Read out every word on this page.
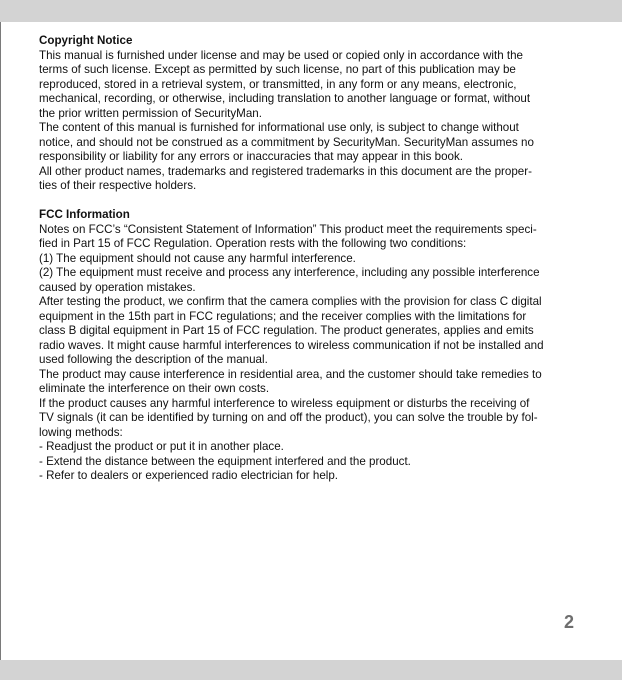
Copyright Notice

This manual is furnished under license and may be used or copied only in accordance with the

terms of such license. Except as permitted by such license, no part of this publication may be

reproduced, stored in a retrieval system, or transmitted, in any form or any means, electronic,

mechanical, recording, or otherwise, including translation to another language or format, without

the prior written permission of SecurityMan.

The content of this manual is furnished for informational use only, is subject to change without

notice, and should not be construed as a commitment by SecurityMan. SecurityMan assumes no

responsibility or liability for any errors or inaccuracies that may appear in this book.

All other product names, trademarks and registered trademarks in this document are the proper-

ties of their respective holders.

FCC Information

Notes on FCC’s “Consistent Statement of Information” This product meet the requirements speci-

fied in Part 15 of FCC Regulation. Operation rests with the following two conditions:

(1) The equipment should not cause any harmful interference.

(2) The equipment must receive and process any interference, including any possible interference

caused by operation mistakes.

After testing the product, we confirm that the camera complies with the provision for class C digital

equipment in the 15th part in FCC regulations; and the receiver complies with the limitations for

class B digital equipment in Part 15 of FCC regulation. The product generates, applies and emits

radio waves. It might cause harmful interferences to wireless communication if not be installed and

used following the description of the manual.

The product may cause interference in residential area, and the customer should take remedies to

eliminate the interference on their own costs.

If the product causes any harmful interference to wireless equipment or disturbs the receiving of

TV signals (it can be identified by turning on and off the product), you can solve the trouble by fol-

lowing methods:

- Readjust the product or put it in another place.

- Extend the distance between the equipment interfered and the product.

- Refer to dealers or experienced radio electrician for help.

2
